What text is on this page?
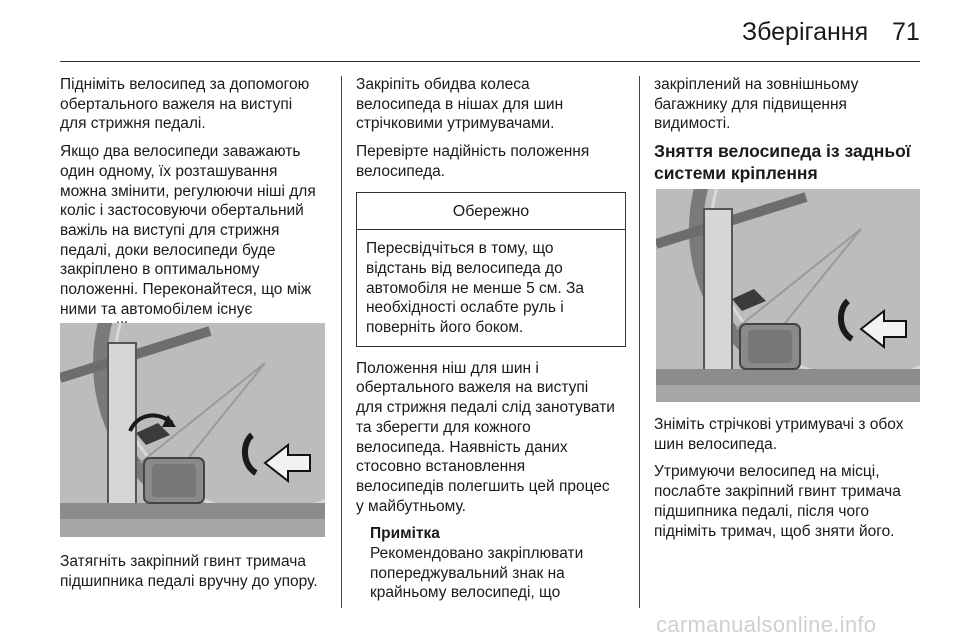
Зберігання 71

Підніміть велосипед за допомогою
обертального важеля на виступі
для стрижня педалі.

Якщо два велосипеди заважають
один одному, їх розташування
можна змінити, регулюючи ніші для
коліс і застосовуючи обертальний
важіль на виступі для стрижня
педалі, доки велосипеди буде
закріплено в оптимальному
положенні. Переконайтеся, що між
ними та автомобілем існує

Затягніть закріпний гвинт тримача
підшипника педалі вручну до упору.

Закріпіть обидва колеса
велосипеда в нішах для шин
стрічковими утримувачами.

Перевірте надійність положення
велосипеда.

Обережно
Пересвідчіться в тому, що
відстань від велосипеда до
автомобіля не менше 5 см. За
необхідності ослабте руль і
поверніть його боком.

Положення ніш для шин і
обертального важеля на виступі
для стрижня педалі слід занотувати
та зберегти для кожного
велосипеда. Наявність даних
стосовно встановлення
велосипедів полегшить цей процес
у майбутньому.

Примітка
Рекомендовано закріплювати
попереджувальний знак на
крайньому велосипеді, що

закріплений на зовнішньому
багажнику для підвищення
видимості.

Зняття велосипеда із задньої
системи кріплення

Зніміть стрічкові утримувачі з обох
шин велосипеда.

Утримуючи велосипед на місці,
послабте закріпний гвинт тримача
підшипника педалі, після чого
підніміть тримач, щоб зняти його.

carmanualsonline.info
